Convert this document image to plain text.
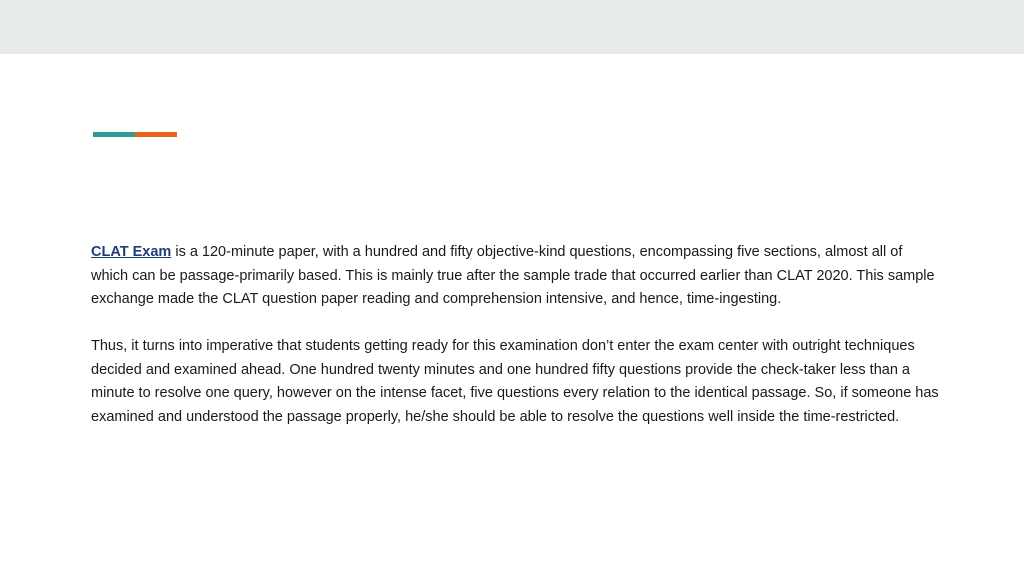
CLAT Exam is a 120-minute paper, with a hundred and fifty objective-kind questions, encompassing five sections, almost all of which can be passage-primarily based. This is mainly true after the sample trade that occurred earlier than CLAT 2020. This sample exchange made the CLAT question paper reading and comprehension intensive, and hence, time-ingesting.

Thus, it turns into imperative that students getting ready for this examination don’t enter the exam center with outright techniques decided and examined ahead. One hundred twenty minutes and one hundred fifty questions provide the check-taker less than a minute to resolve one query, however on the intense facet, five questions every relation to the identical passage. So, if someone has examined and understood the passage properly, he/she should be able to resolve the questions well inside the time-restricted.
